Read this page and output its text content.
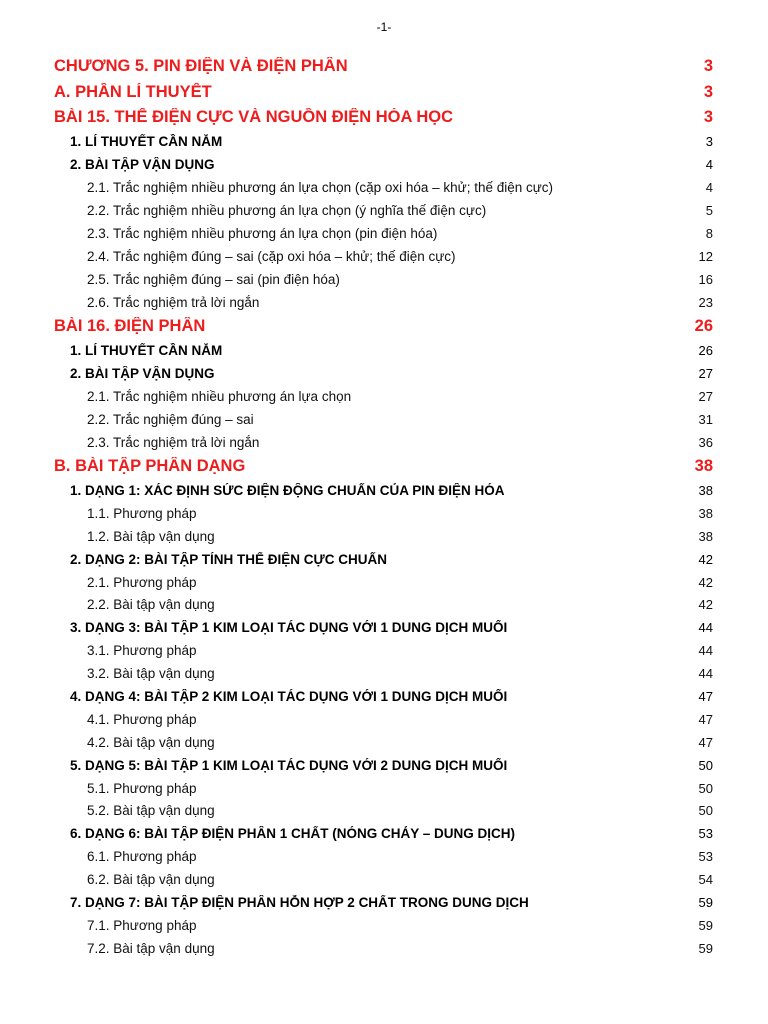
-1-
CHƯƠNG 5. PIN ĐIỆN VÀ ĐIỆN PHÂN	3
A. PHẦN LÍ THUYẾT	3
BÀI 15. THẾ ĐIỆN CỰC VÀ NGUỒN ĐIỆN HÓA HỌC	3
1. LÍ THUYẾT CẦN NẮM	3
2. BÀI TẬP VẬN DỤNG	4
2.1. Trắc nghiệm nhiều phương án lựa chọn (cặp oxi hóa – khử; thế điện cực)	4
2.2. Trắc nghiệm nhiều phương án lựa chọn (ý nghĩa thế điện cực)	5
2.3. Trắc nghiệm nhiều phương án lựa chọn (pin điện hóa)	8
2.4. Trắc nghiệm đúng – sai (cặp oxi hóa – khử; thế điện cực)	12
2.5. Trắc nghiệm đúng – sai (pin điện hóa)	16
2.6. Trắc nghiệm trả lời ngắn	23
BÀI 16. ĐIỆN PHÂN	26
1. LÍ THUYẾT CẦN NẮM	26
2. BÀI TẬP VẬN DỤNG	27
2.1. Trắc nghiệm nhiều phương án lựa chọn	27
2.2. Trắc nghiệm đúng – sai	31
2.3. Trắc nghiệm trả lời ngắn	36
B. BÀI TẬP PHÂN DẠNG	38
1. DẠNG 1: XÁC ĐỊNH SỨC ĐIỆN ĐỘNG CHUẨN CỦA PIN ĐIỆN HÓA	38
1.1. Phương pháp	38
1.2. Bài tập vận dụng	38
2. DẠNG 2: BÀI TẬP TÍNH THẾ ĐIỆN CỰC CHUẨN	42
2.1. Phương pháp	42
2.2. Bài tập vận dụng	42
3. DẠNG 3: BÀI TẬP 1 KIM LOẠI TÁC DỤNG VỚI 1 DUNG DỊCH MUỐI	44
3.1. Phương pháp	44
3.2. Bài tập vận dụng	44
4. DẠNG 4: BÀI TẬP 2 KIM LOẠI TÁC DỤNG VỚI 1 DUNG DỊCH MUỐI	47
4.1. Phương pháp	47
4.2. Bài tập vận dụng	47
5. DẠNG 5: BÀI TẬP 1 KIM LOẠI TÁC DỤNG VỚI 2 DUNG DỊCH MUỐI	50
5.1. Phương pháp	50
5.2. Bài tập vận dụng	50
6. DẠNG 6: BÀI TẬP ĐIỆN PHÂN 1 CHẤT (NÓNG CHẢY – DUNG DỊCH)	53
6.1. Phương pháp	53
6.2. Bài tập vận dụng	54
7. DẠNG 7: BÀI TẬP ĐIỆN PHÂN HỖN HỢP 2 CHẤT TRONG DUNG DỊCH	59
7.1. Phương pháp	59
7.2. Bài tập vận dụng	59
